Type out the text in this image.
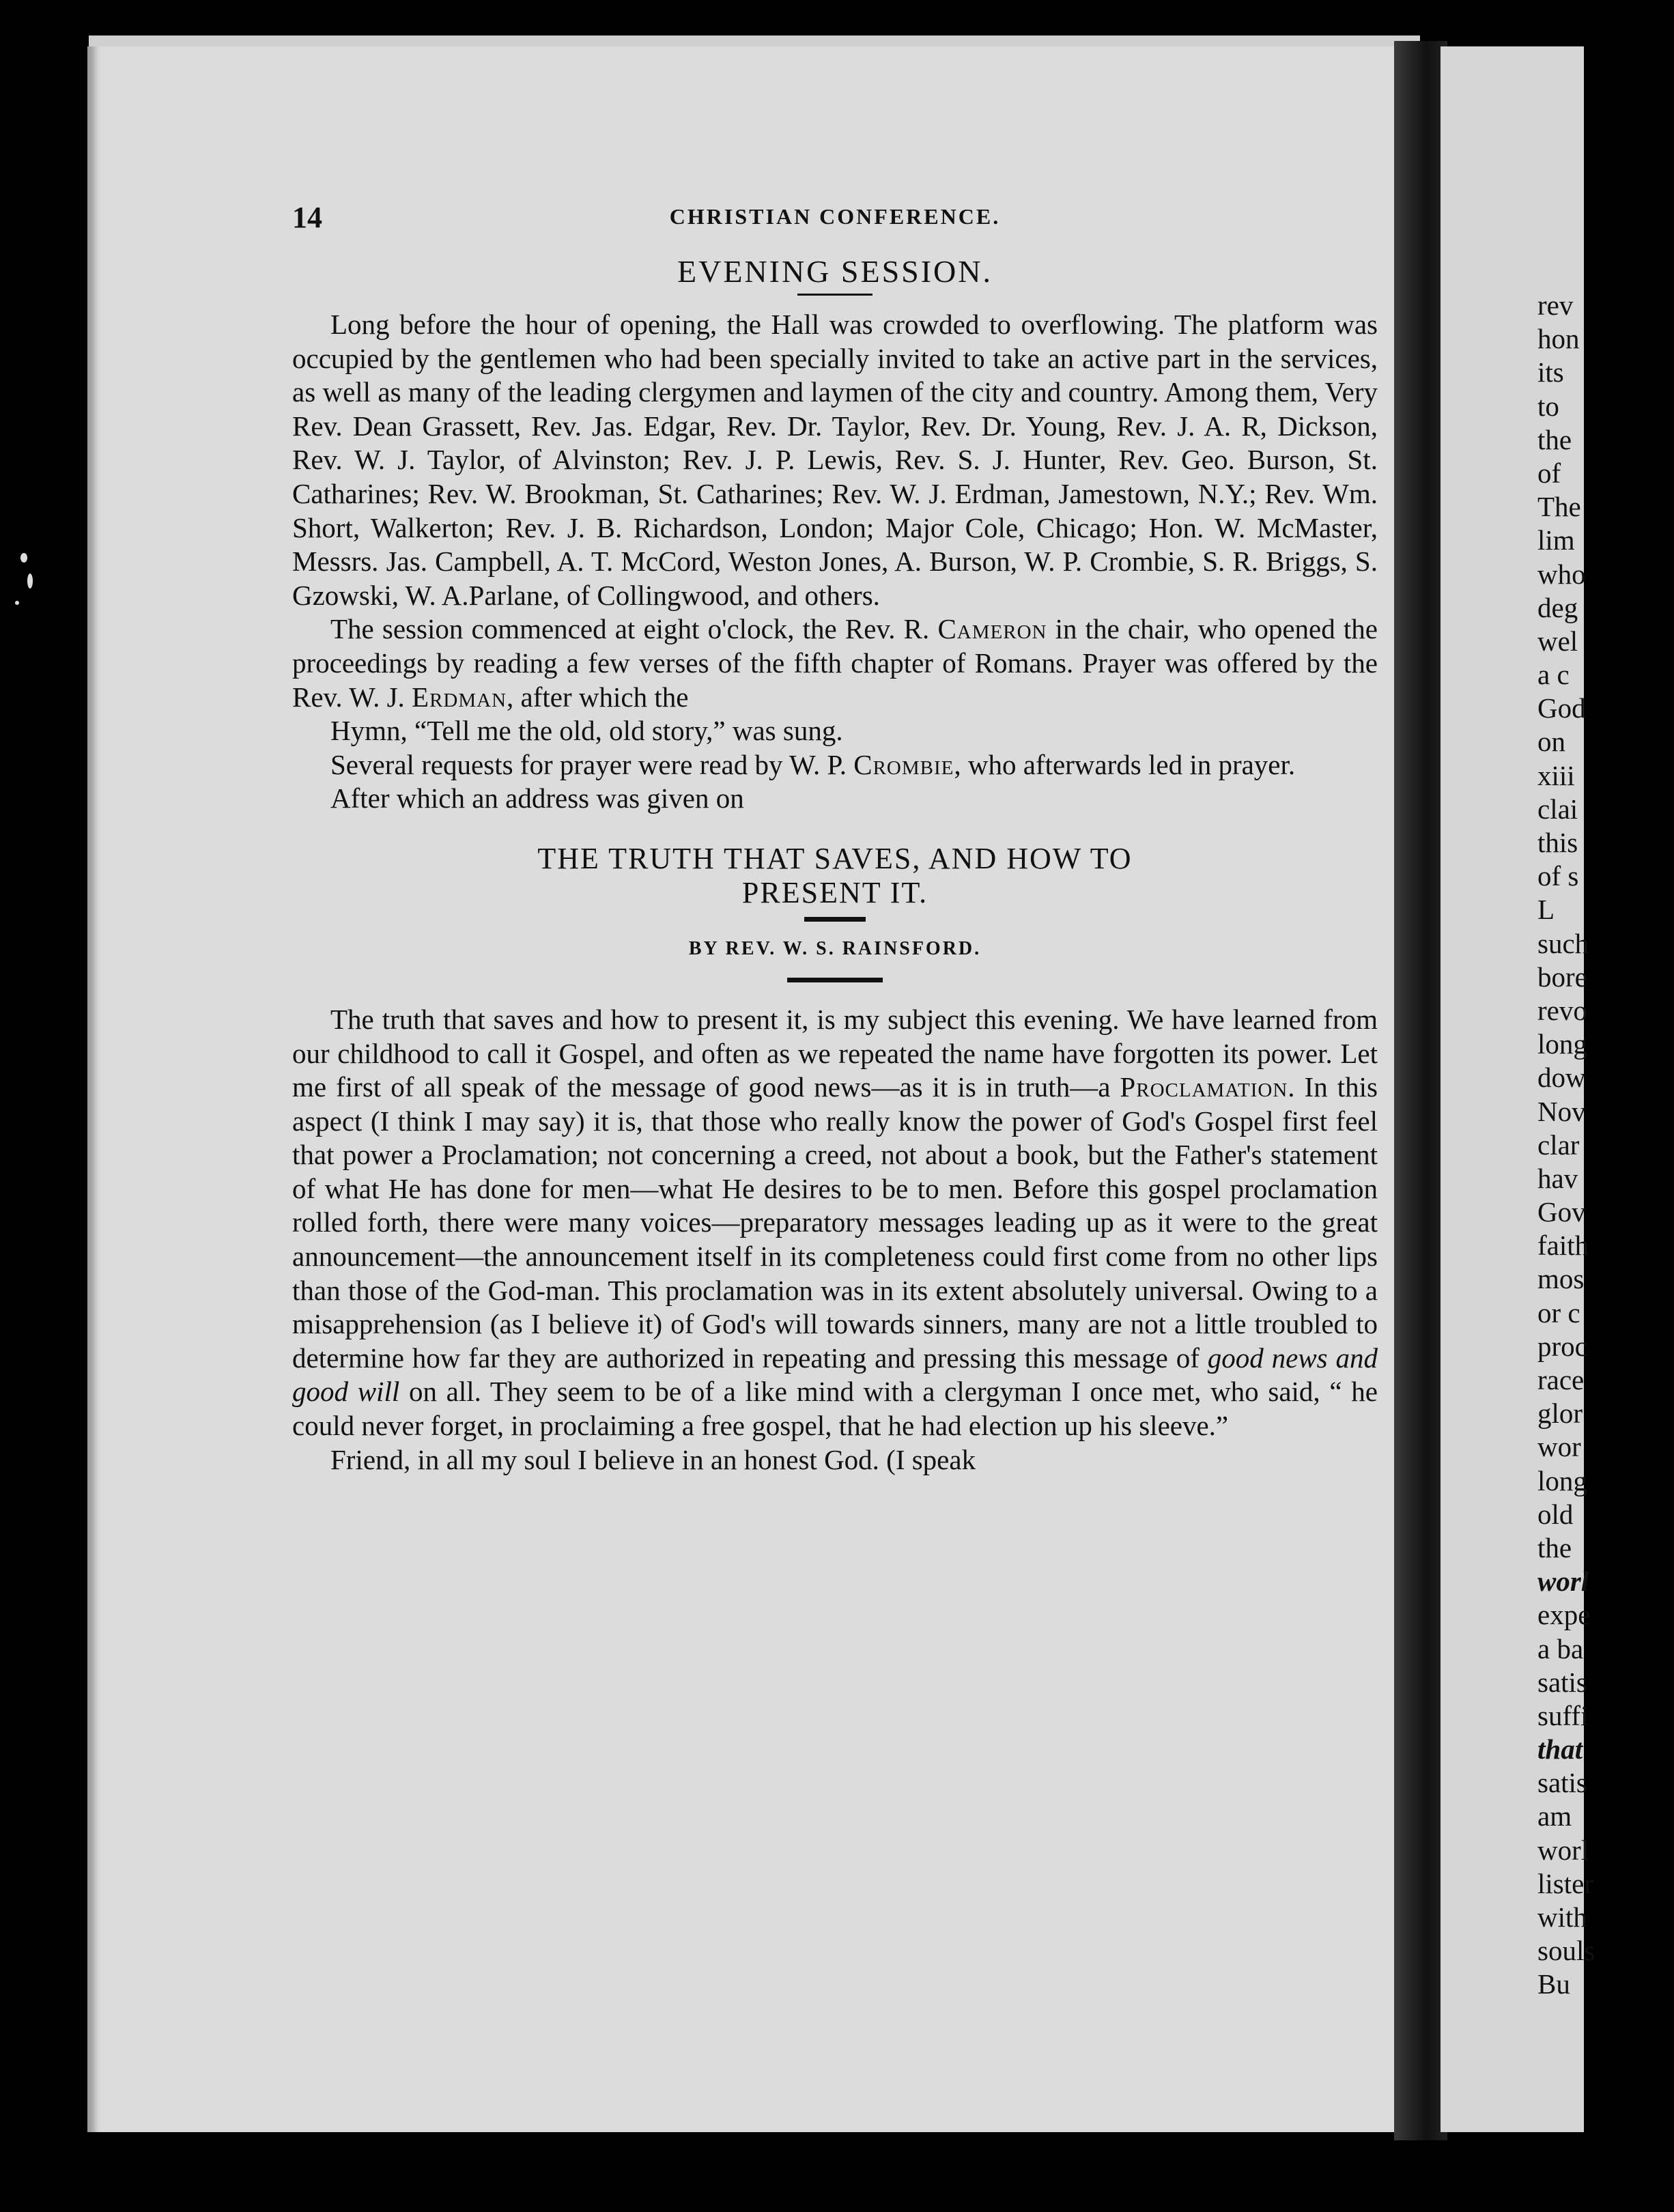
14	CHRISTIAN CONFERENCE.
EVENING SESSION.

Long before the hour of opening, the Hall was crowded to overflowing. The platform was occupied by the gentlemen who had been specially invited to take an active part in the services, as well as many of the leading clergymen and laymen of the city and country. Among them, Very Rev. Dean Grassett, Rev. Jas. Edgar, Rev. Dr. Taylor, Rev. Dr. Young, Rev. J. A. R, Dickson, Rev. W. J. Taylor, of Alvinston; Rev. J. P. Lewis, Rev. S. J. Hunter, Rev. Geo. Burson, St. Catharines; Rev. W. Brookman, St. Catharines; Rev. W. J. Erdman, Jamestown, N.Y.; Rev. Wm. Short, Walkerton; Rev. J. B. Richardson, London; Major Cole, Chicago; Hon. W. McMaster, Messrs. Jas. Campbell, A. T. McCord, Weston Jones, A. Burson, W. P. Crombie, S. R. Briggs, S. Gzowski, W. A.Parlane, of Collingwood, and others.

The session commenced at eight o'clock, the Rev. R. Cameron in the chair, who opened the proceedings by reading a few verses of the fifth chapter of Romans. Prayer was offered by the Rev. W. J. Erdman, after which the

Hymn, “Tell me the old, old story,” was sung.

Several requests for prayer were read by W. P. Crombie, who afterwards led in prayer.

After which an address was given on

THE TRUTH THAT SAVES, AND HOW TO
PRESENT IT.
BY REV. W. S. RAINSFORD.

The truth that saves and how to present it, is my subject this evening. We have learned from our childhood to call it Gospel, and often as we repeated the name have forgotten its power. Let me first of all speak of the message of good news—as it is in truth—a Proclamation. In this aspect (I think I may say) it is, that those who really know the power of God's Gospel first feel that power a Proclamation; not concerning a creed, not about a book, but the Father's statement of what He has done for men—what He desires to be to men. Before this gospel proclamation rolled forth, there were many voices—preparatory messages leading up as it were to the great announcement—the announcement itself in its completeness could first come from no other lips than those of the God-man. This proclamation was in its extent absolutely universal. Owing to a misapprehension (as I believe it) of God's will towards sinners, many are not a little troubled to determine how far they are authorized in repeating and pressing this message of good news and good will on all. They seem to be of a like mind with a clergyman I once met, who said, “ he could never forget, in proclaiming a free gospel, that he had election up his sleeve.”

Friend, in all my soul I believe in an honest God. (I speak

rev
hon
its
to
the
of
The
lim
who
deg
wel
a c
God
on
xiii
clai
this
of s
L
such
bore
revo
long
dow
Nov
clar
hav
Gov
faith
mos
or c
proc
race
glor
wor
long
old
the
worl
expe
a ba
satis
suffi
that
satis
am
worl
lister
with
souls
Bu
